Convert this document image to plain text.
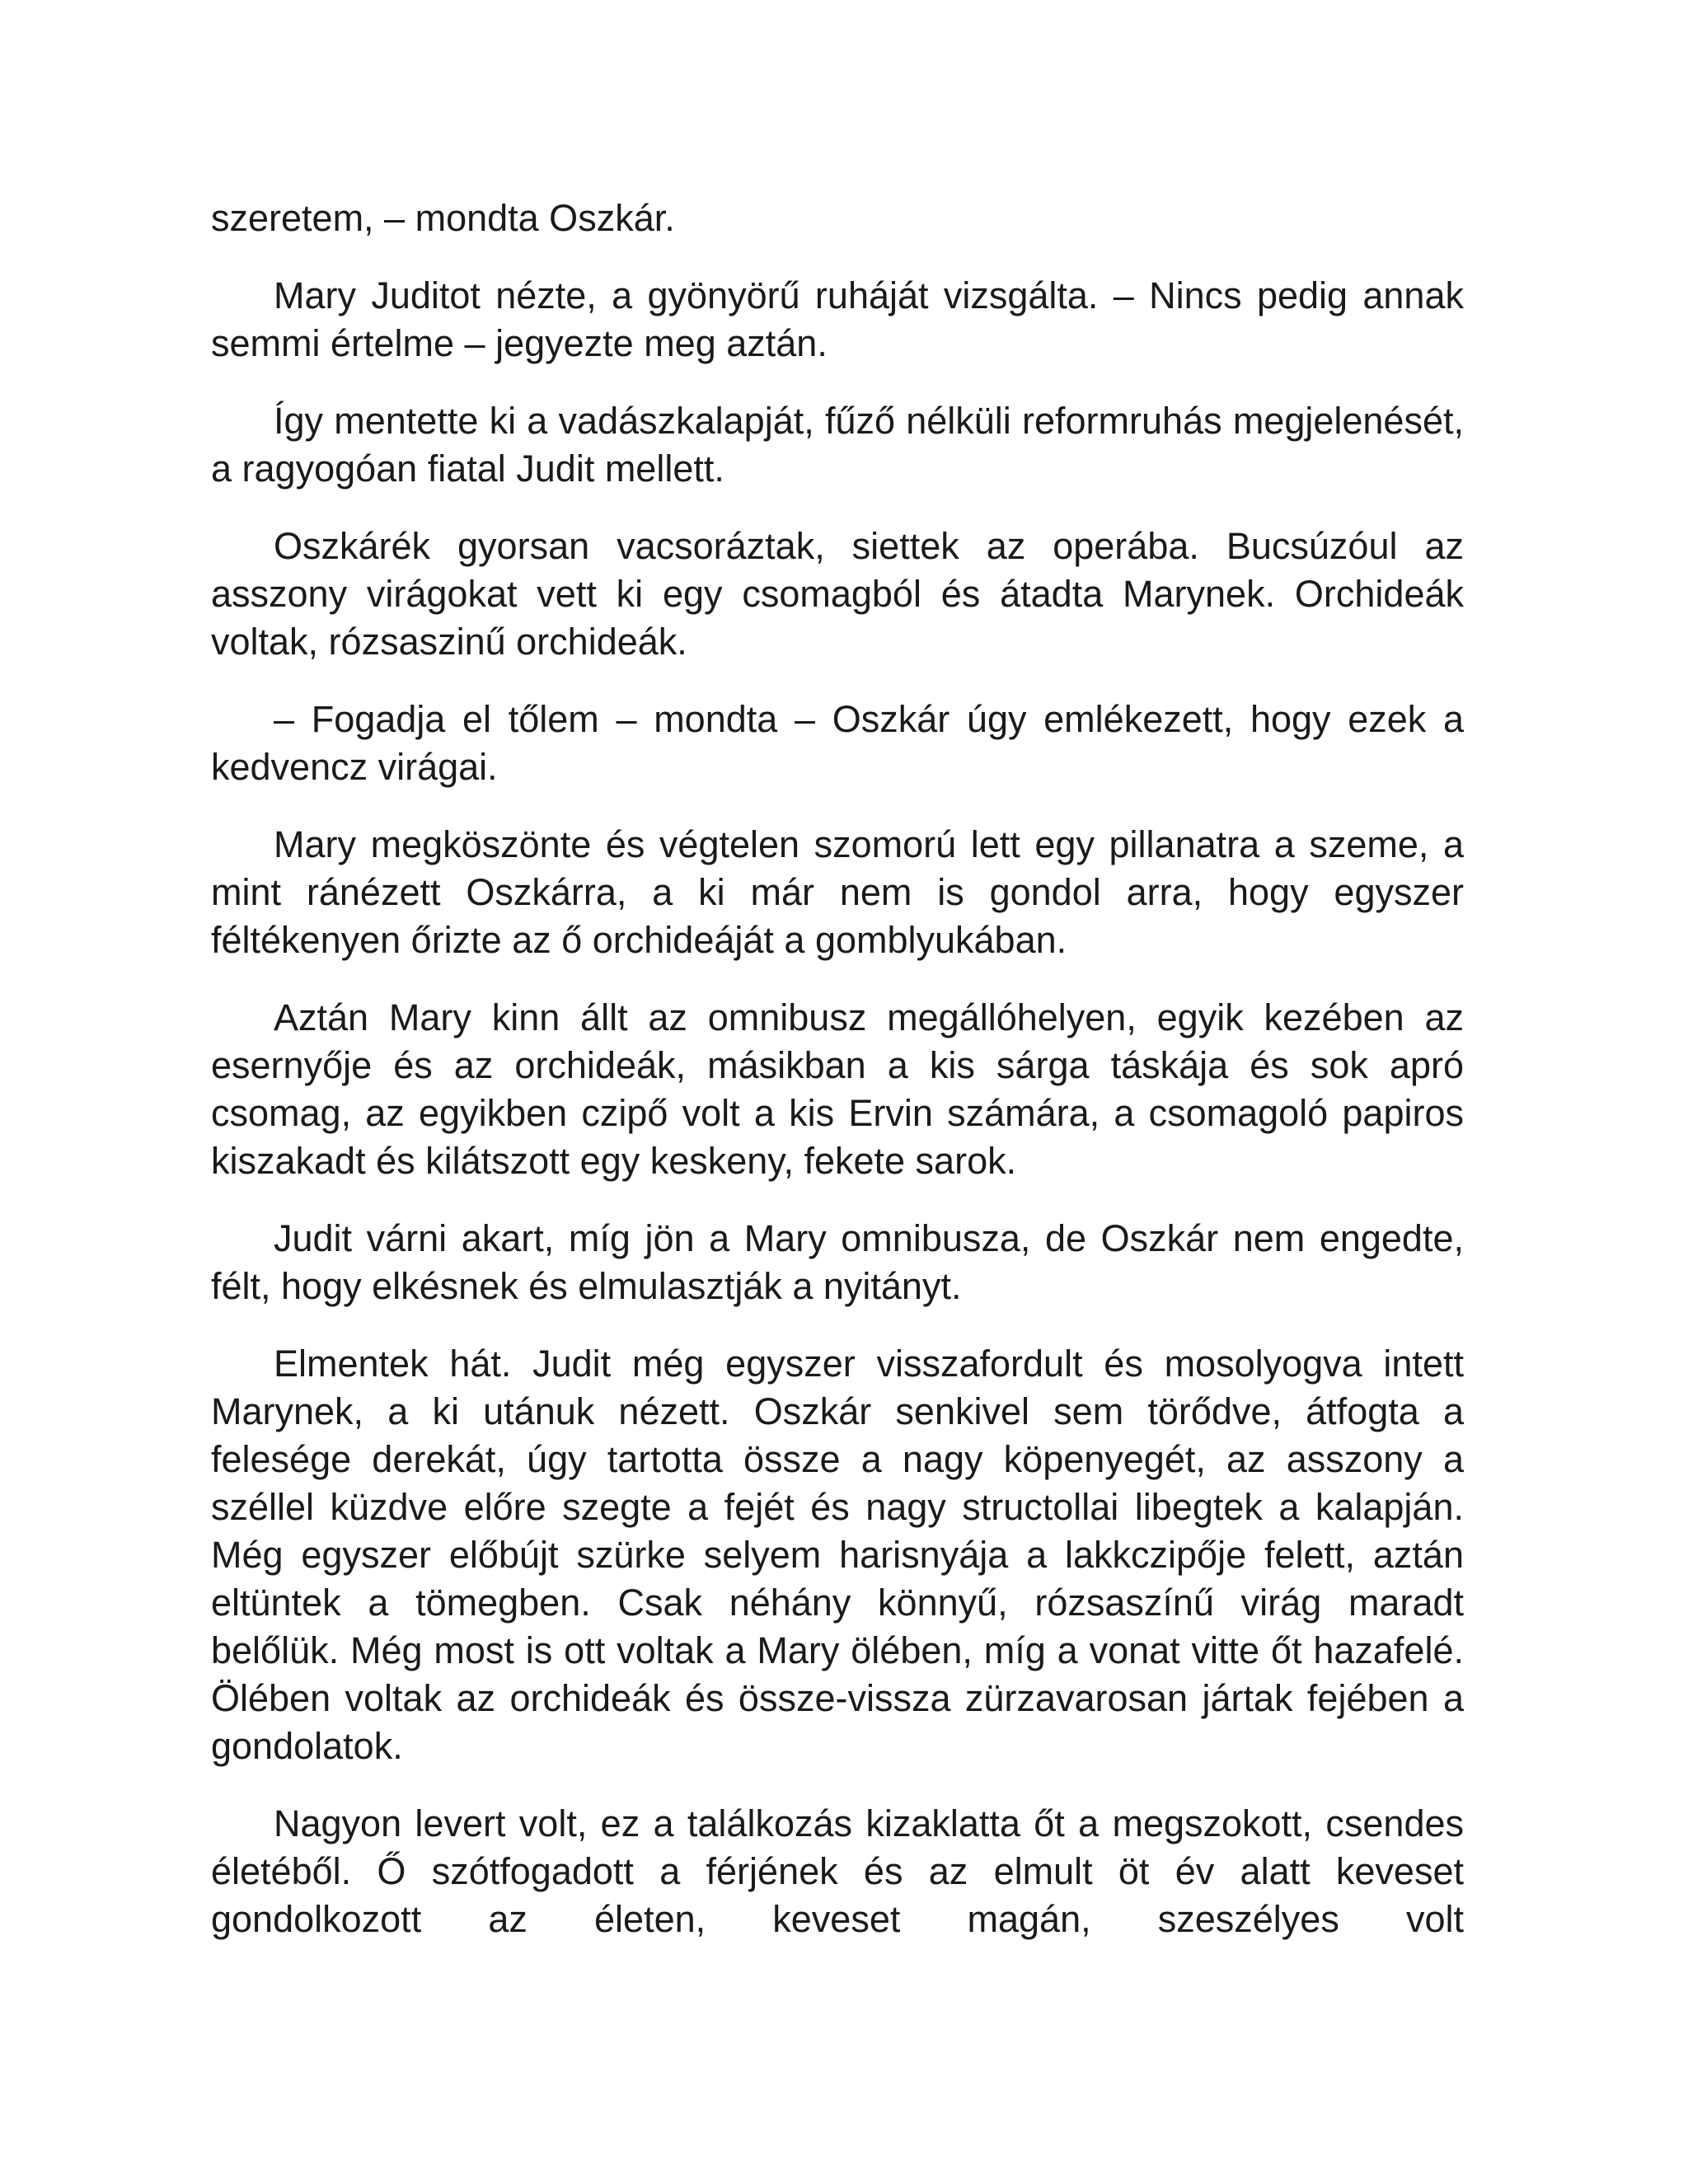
szeretem, – mondta Oszkár.

Mary Juditot nézte, a gyönyörű ruháját vizsgálta. – Nincs pedig annak semmi értelme – jegyezte meg aztán.

Így mentette ki a vadászkalapját, fűző nélküli reformruhás megjelenését, a ragyogóan fiatal Judit mellett.

Oszkárék gyorsan vacsoráztak, siettek az operába. Bucsúzóul az asszony virágokat vett ki egy csomagból és átadta Marynek. Orchideák voltak, rózsaszinű orchideák.

– Fogadja el tőlem – mondta – Oszkár úgy emlékezett, hogy ezek a kedvencz virágai.

Mary megköszönte és végtelen szomorú lett egy pillanatra a szeme, a mint ránézett Oszkárra, a ki már nem is gondol arra, hogy egyszer féltékenyen őrizte az ő orchideáját a gomblyukában.

Aztán Mary kinn állt az omnibusz megállóhelyen, egyik kezében az esernyője és az orchideák, másikban a kis sárga táskája és sok apró csomag, az egyikben czipő volt a kis Ervin számára, a csomagoló papiros kiszakadt és kilátszott egy keskeny, fekete sarok.

Judit várni akart, míg jön a Mary omnibusza, de Oszkár nem engedte, félt, hogy elkésnek és elmulasztják a nyitányt.

Elmentek hát. Judit még egyszer visszafordult és mosolyogva intett Marynek, a ki utánuk nézett. Oszkár senkivel sem törődve, átfogta a felesége derekát, úgy tartotta össze a nagy köpenyegét, az asszony a széllel küzdve előre szegte a fejét és nagy structollai libegtek a kalapján. Még egyszer előbújt szürke selyem harisnyája a lakkczipője felett, aztán eltüntek a tömegben. Csak néhány könnyű, rózsaszínű virág maradt belőlük. Még most is ott voltak a Mary ölében, míg a vonat vitte őt hazafelé. Ölében voltak az orchideák és össze-vissza zürzavarosan jártak fejében a gondolatok.

Nagyon levert volt, ez a találkozás kizaklatta őt a megszokott, csendes életéből. Ő szótfogadott a férjének és az elmult öt év alatt keveset gondolkozott az életen, keveset magán, szeszélyes volt
